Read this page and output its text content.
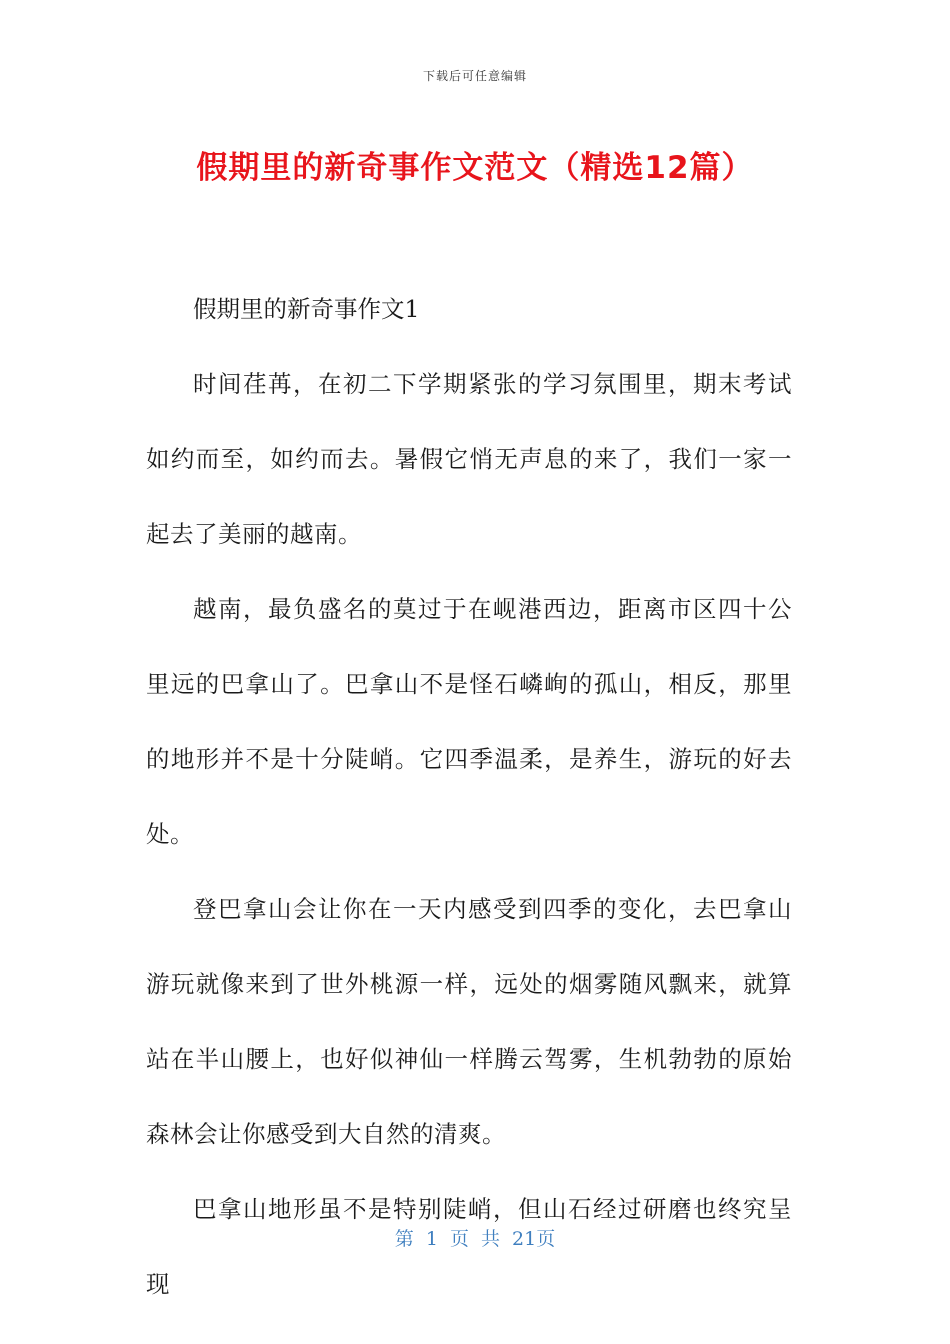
下载后可任意编辑
假期里的新奇事作文范文（精选12篇）

假期里的新奇事作文1

时间荏苒，在初二下学期紧张的学习氛围里，期末考试如约而至，如约而去。暑假它悄无声息的来了，我们一家一起去了美丽的越南。

越南，最负盛名的莫过于在岘港西边，距离市区四十公里远的巴拿山了。巴拿山不是怪石嶙峋的孤山，相反，那里的地形并不是十分陡峭。它四季温柔，是养生，游玩的好去处。

登巴拿山会让你在一天内感受到四季的变化，去巴拿山游玩就像来到了世外桃源一样，远处的烟雾随风飘来，就算站在半山腰上，也好似神仙一样腾云驾雾，生机勃勃的原始森林会让你感受到大自然的清爽。

巴拿山地形虽不是特别陡峭，但山石经过研磨也终究呈现

第 1 页 共 21页
